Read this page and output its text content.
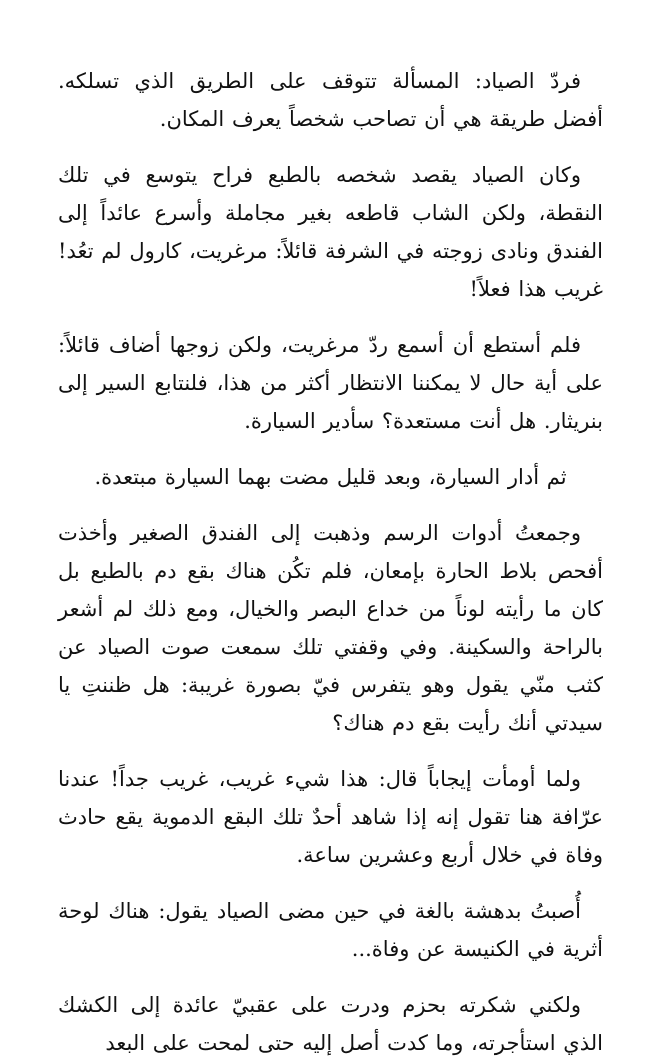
فردّ الصياد: المسألة تتوقف على الطريق الذي تسلكه. أفضل طريقة هي أن تصاحب شخصاً يعرف المكان.

وكان الصياد يقصد شخصه بالطبع فراح يتوسع في تلك النقطة، ولكن الشاب قاطعه بغير مجاملة وأسرع عائداً إلى الفندق ونادى زوجته في الشرفة قائلاً: مرغريت، كارول لم تعُد! غريب هذا فعلاً!

فلم أستطع أن أسمع ردّ مرغريت، ولكن زوجها أضاف قائلاً: على أية حال لا يمكننا الانتظار أكثر من هذا، فلنتابع السير إلى بنريثار. هل أنت مستعدة؟ سأدير السيارة.

ثم أدار السيارة، وبعد قليل مضت بهما السيارة مبتعدة.

وجمعتُ أدوات الرسم وذهبت إلى الفندق الصغير وأخذت أفحص بلاط الحارة بإمعان، فلم تكُن هناك بقع دم بالطبع بل كان ما رأيته لوناً من خداع البصر والخيال، ومع ذلك لم أشعر بالراحة والسكينة. وفي وقفتي تلك سمعت صوت الصياد عن كثب منّي يقول وهو يتفرس فيّ بصورة غريبة: هل ظننتِ يا سيدتي أنك رأيت بقع دم هناك؟

ولما أومأت إيجاباً قال: هذا شيء غريب، غريب جداً! عندنا عرّافة هنا تقول إنه إذا شاهد أحدٌ تلك البقع الدموية يقع حادث وفاة في خلال أربع وعشرين ساعة.

أُصبتُ بدهشة بالغة في حين مضى الصياد يقول: هناك لوحة أثرية في الكنيسة عن وفاة...

ولكني شكرته بحزم ودرت على عقبيّ عائدة إلى الكشك الذي استأجرته، وما كدت أصل إليه حتى لمحت على البعد
